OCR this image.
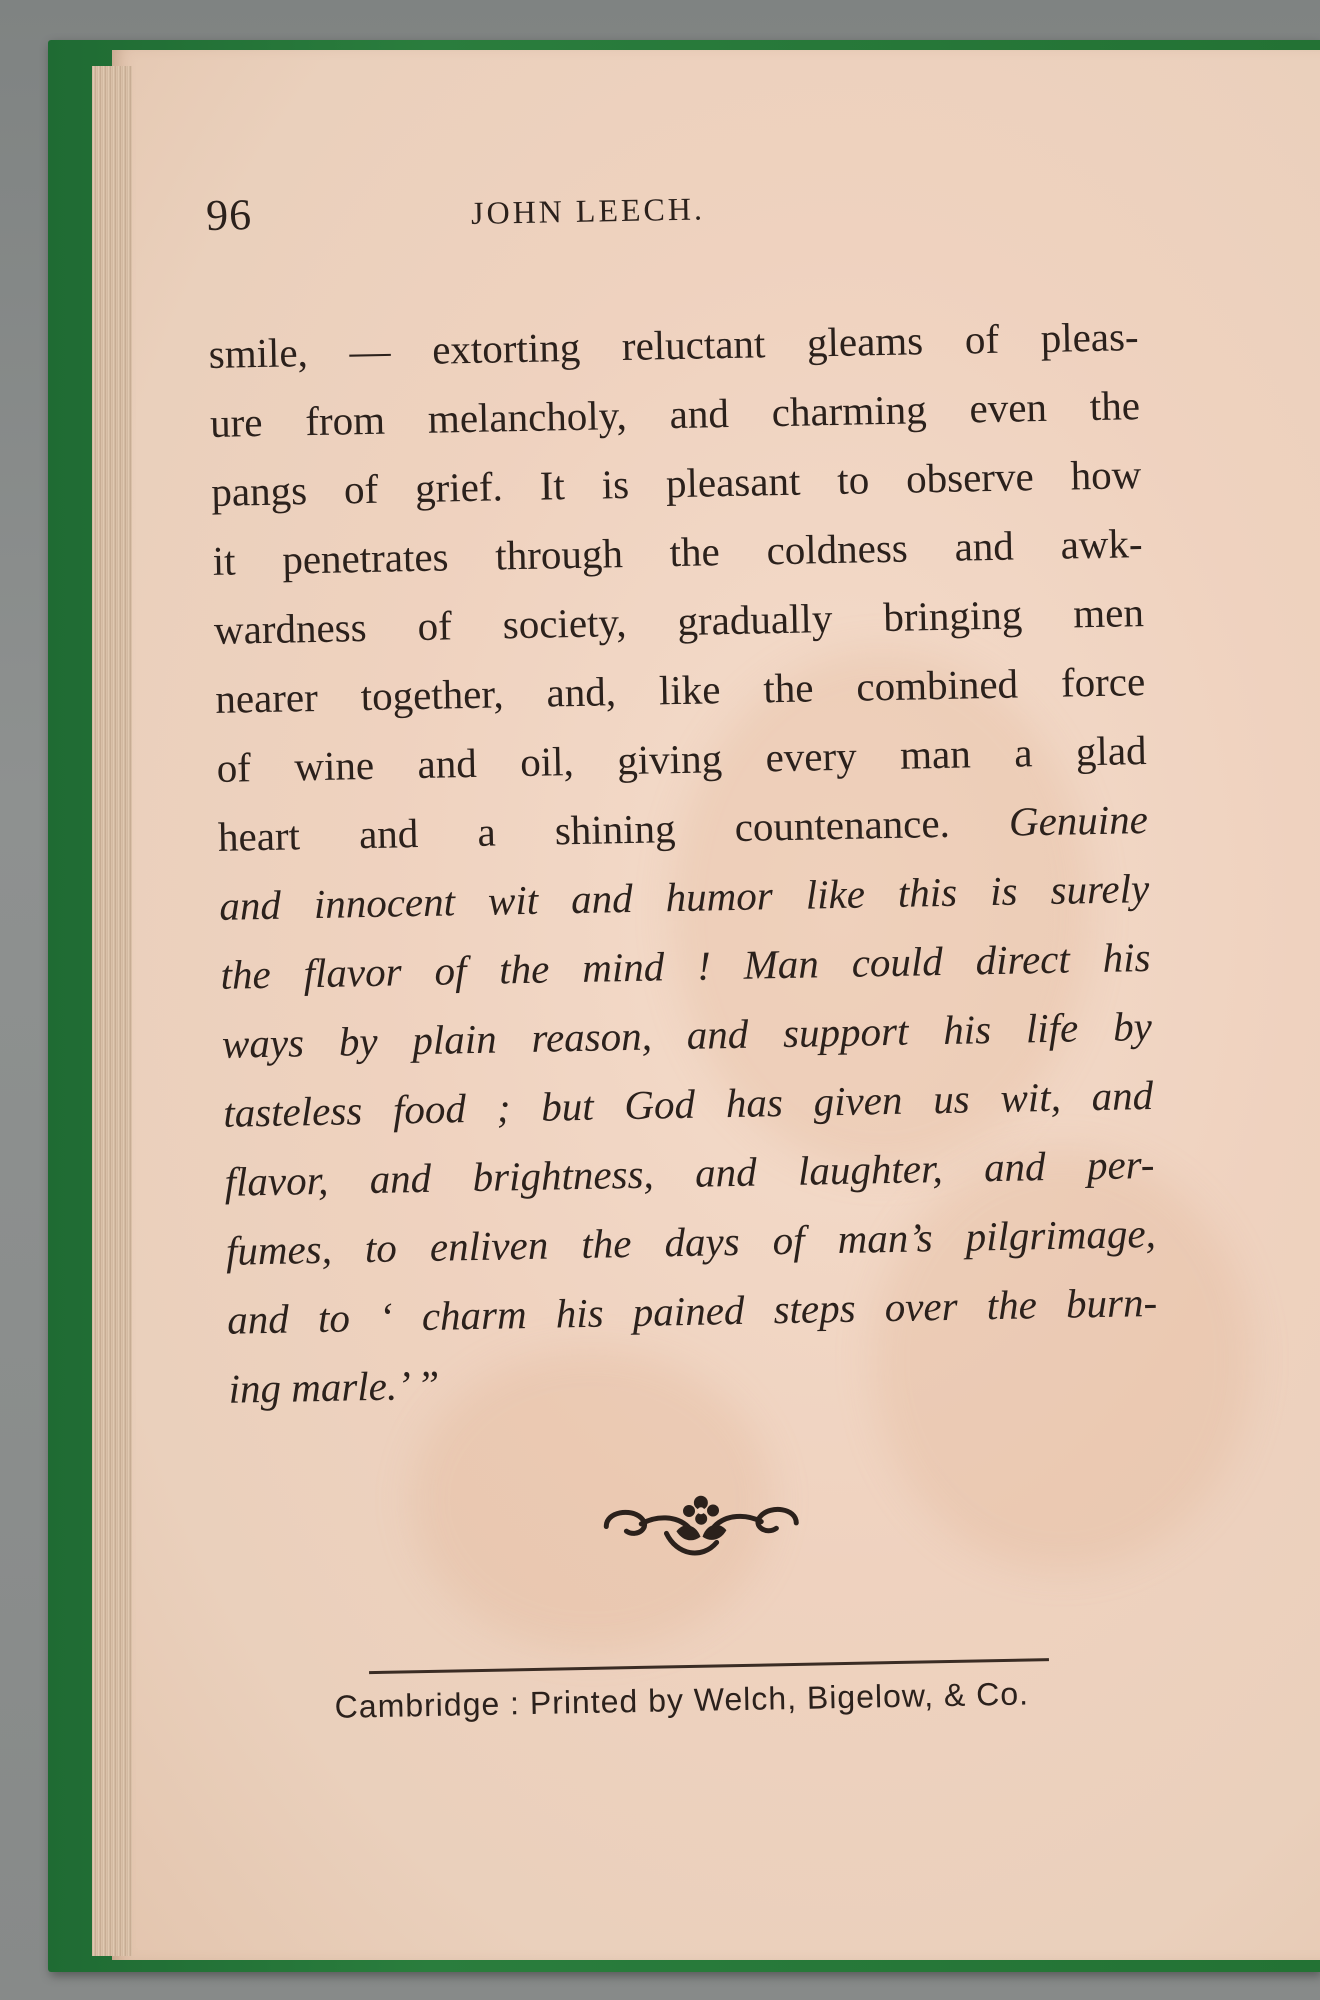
96	JOHN LEECH.
smile, — extorting reluctant gleams of pleas-
ure from melancholy, and charming even the
pangs of grief. It is pleasant to observe how
it penetrates through the coldness and awk-
wardness of society, gradually bringing men
nearer together, and, like the combined force
of wine and oil, giving every man a glad
heart and a shining countenance. Genuine
and innocent wit and humor like this is surely
the flavor of the mind ! Man could direct his
ways by plain reason, and support his life by
tasteless food ; but God has given us wit, and
flavor, and brightness, and laughter, and per-
fumes, to enliven the days of man’s pilgrimage,
and to ‘ charm his pained steps over the burn-
ing marle.’ ”
Cambridge : Printed by Welch, Bigelow, & Co.
